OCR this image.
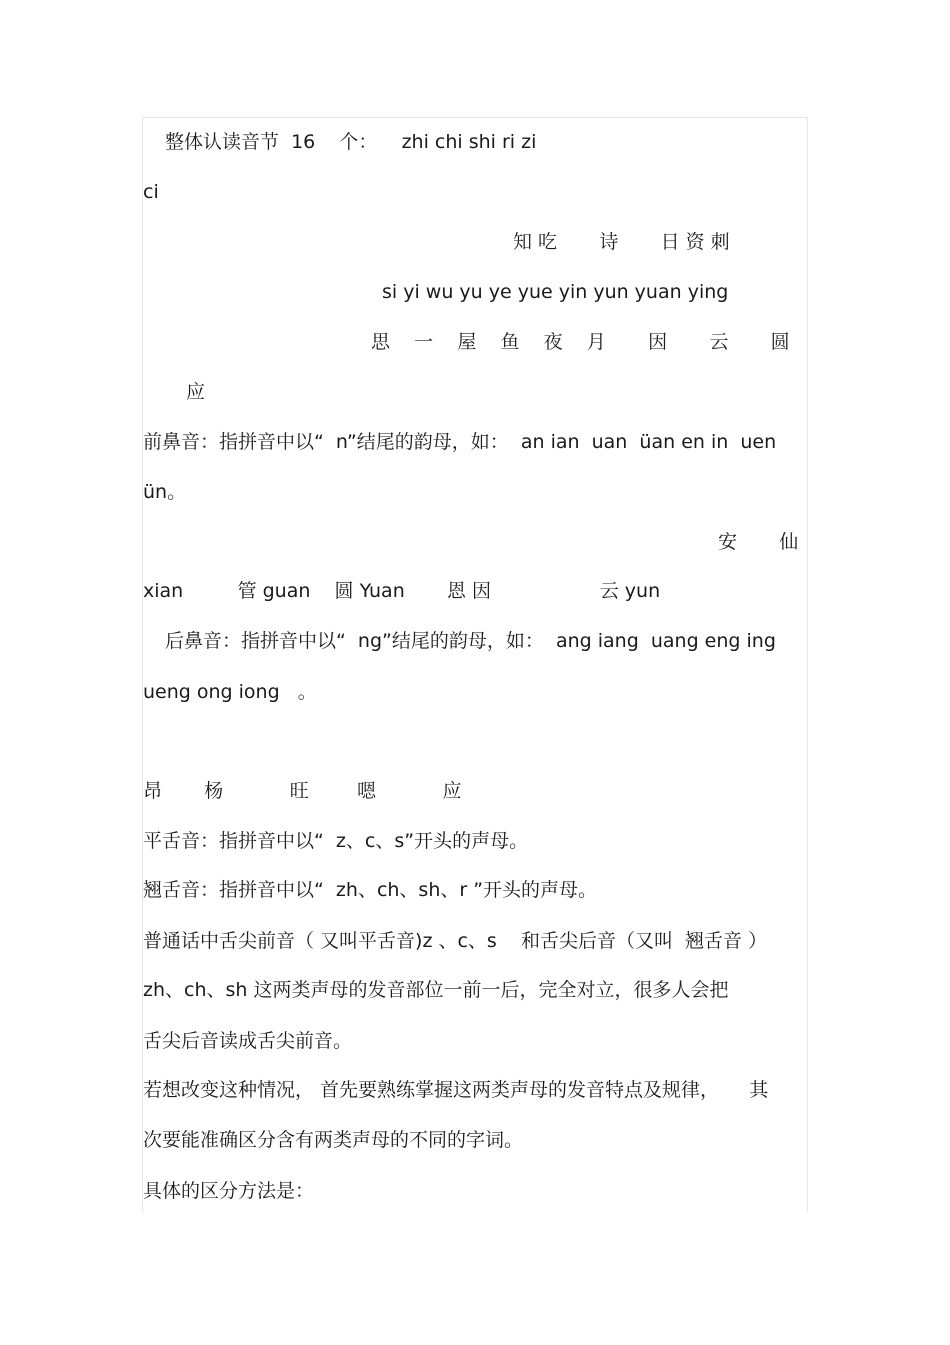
整体认读音节  16    个：    zhi chi shi ri zi

ci

知 吃       诗       日 资 刺

si yi wu yu ye yue yin yun yuan ying

思    一    屋    鱼    夜    月       因       云       圆

应

前鼻音：指拼音中以“  n”结尾的韵母，如：  an ian  uan  üan en in  uen

ün。

安       仙

xian         管 guan    圆 Yuan       恩 因                  云 yun

后鼻音：指拼音中以“  ng”结尾的韵母，如：  ang iang  uang eng ing

ueng ong iong   。

昂       杨           旺        嗯           应

平舌音：指拼音中以“  z、c、s”开头的声母。

翘舌音：指拼音中以“  zh、ch、sh、r ”开头的声母。

普通话中舌尖前音（ 又叫平舌音)z 、c、s    和舌尖后音（又叫  翘舌音 ）

zh、ch、sh 这两类声母的发音部位一前一后，完全对立，很多人会把

舌尖后音读成舌尖前音。

若想改变这种情况， 首先要熟练掌握这两类声母的发音特点及规律，     其

次要能准确区分含有两类声母的不同的字词。

具体的区分方法是：
